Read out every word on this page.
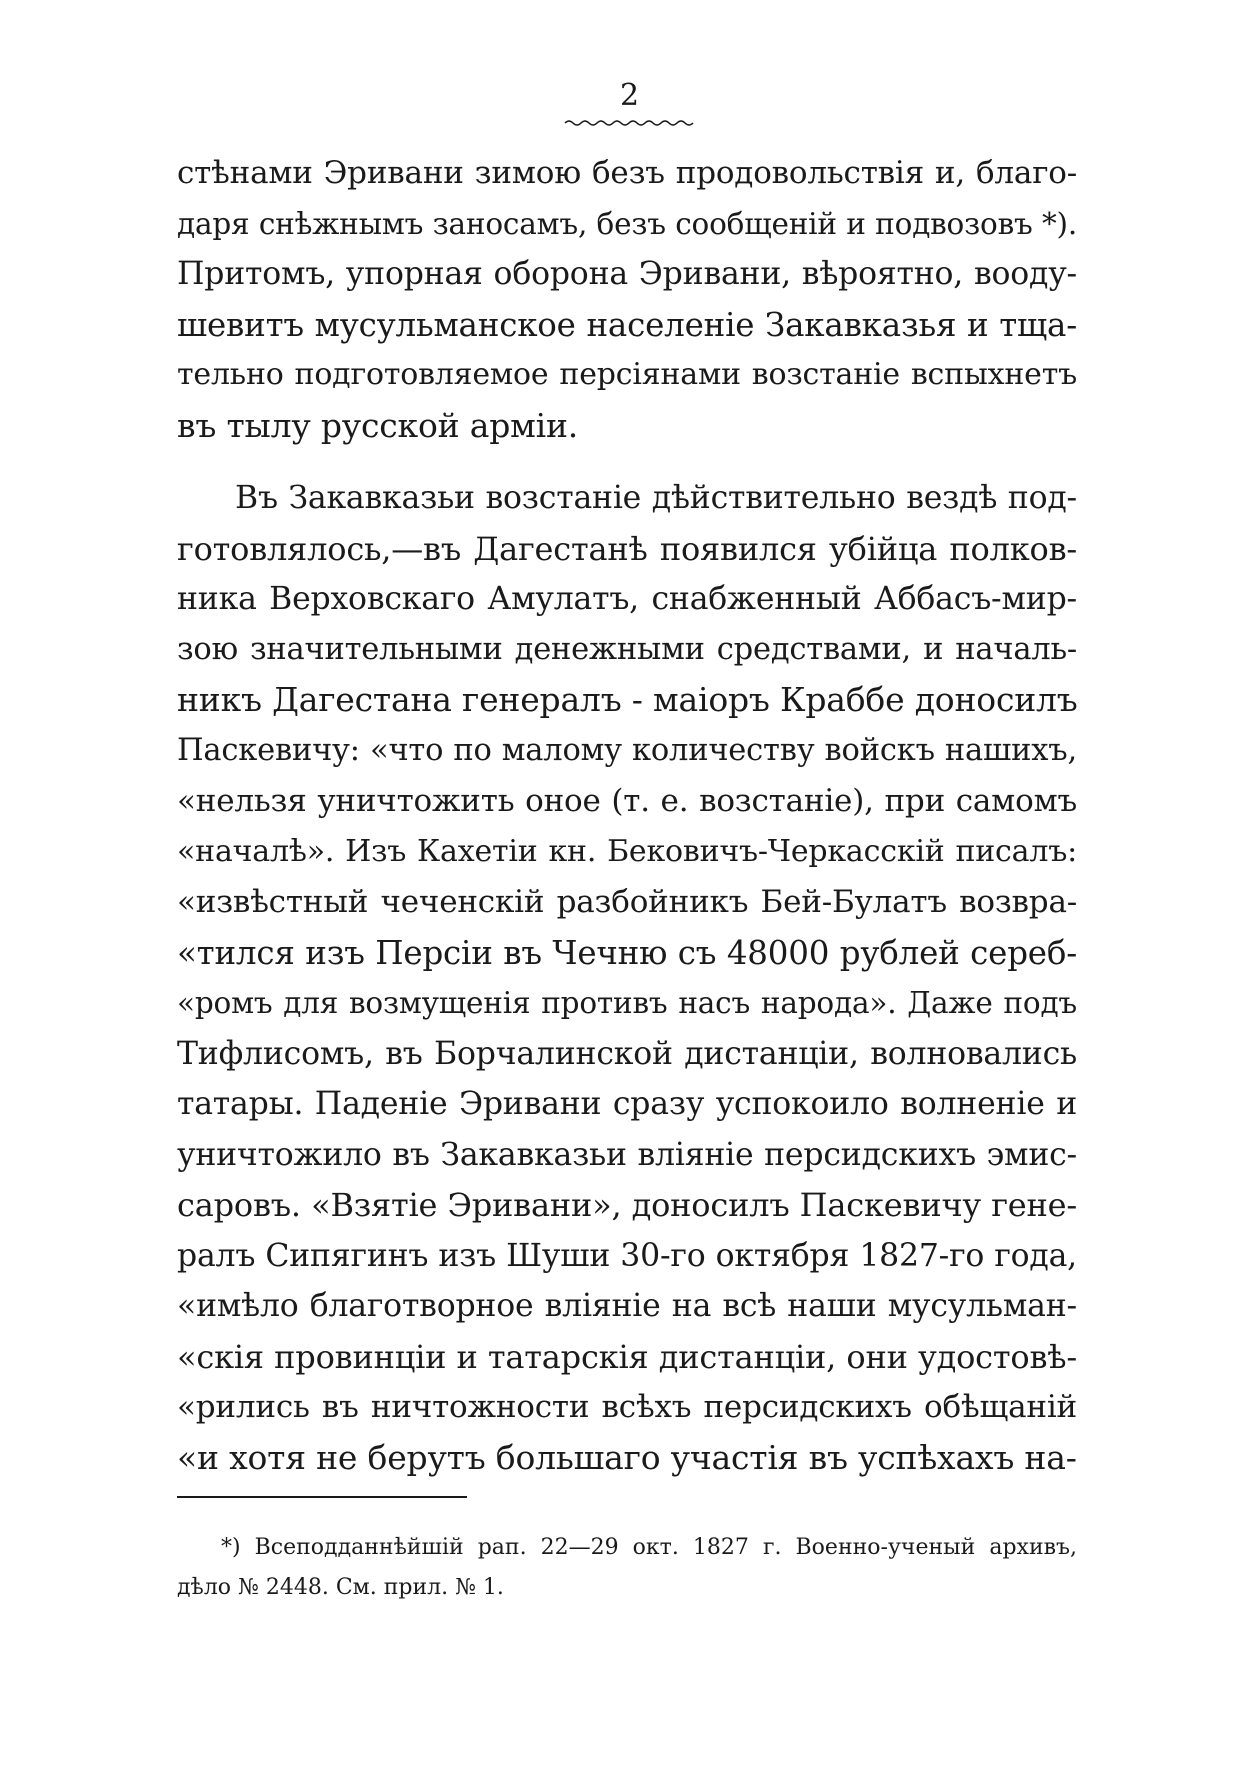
2
стѣнами Эривани зимою безъ продовольствія и, благо-
даря снѣжнымъ заносамъ, безъ сообщеній и подвозовъ *).
Притомъ, упорная оборона Эривани, вѣроятно, вооду-
шевитъ мусульманское населеніе Закавказья и тща-
тельно подготовляемое персіянами возстаніе вспыхнетъ
въ тылу русской арміи.
Въ Закавказьи возстаніе дѣйствительно вездѣ под-
готовлялось,—въ Дагестанѣ появился убійца полков-
ника Верховскаго Амулатъ, снабженный Аббасъ-мир-
зою значительными денежными средствами, и началь-
никъ Дагестана генералъ - маіоръ Краббе доносилъ
Паскевичу: «что по малому количеству войскъ нашихъ,
«нельзя уничтожить оное (т. е. возстаніе), при самомъ
«началѣ». Изъ Кахетіи кн. Бековичъ-Черкасскій писалъ:
«извѣстный чеченскій разбойникъ Бей-Булатъ возвра-
«тился изъ Персіи въ Чечню съ 48000 рублей сереб-
«ромъ для возмущенія противъ насъ народа». Даже подъ
Тифлисомъ, въ Борчалинской дистанціи, волновались
татары. Паденіе Эривани сразу успокоило волненіе и
уничтожило въ Закавказьи вліяніе персидскихъ эмис-
саровъ. «Взятіе Эривани», доносилъ Паскевичу гене-
ралъ Сипягинъ изъ Шуши 30-го октября 1827-го года,
«имѣло благотворное вліяніе на всѣ наши мусульман-
«скія провинціи и татарскія дистанціи, они удостовѣ-
«рились въ ничтожности всѣхъ персидскихъ обѣщаній
«и хотя не берутъ большаго участія въ успѣхахъ на-
*) Всеподданнѣйшій рап. 22—29 окт. 1827 г. Военно-ученый архивъ,
дѣло № 2448. См. прил. № 1.
